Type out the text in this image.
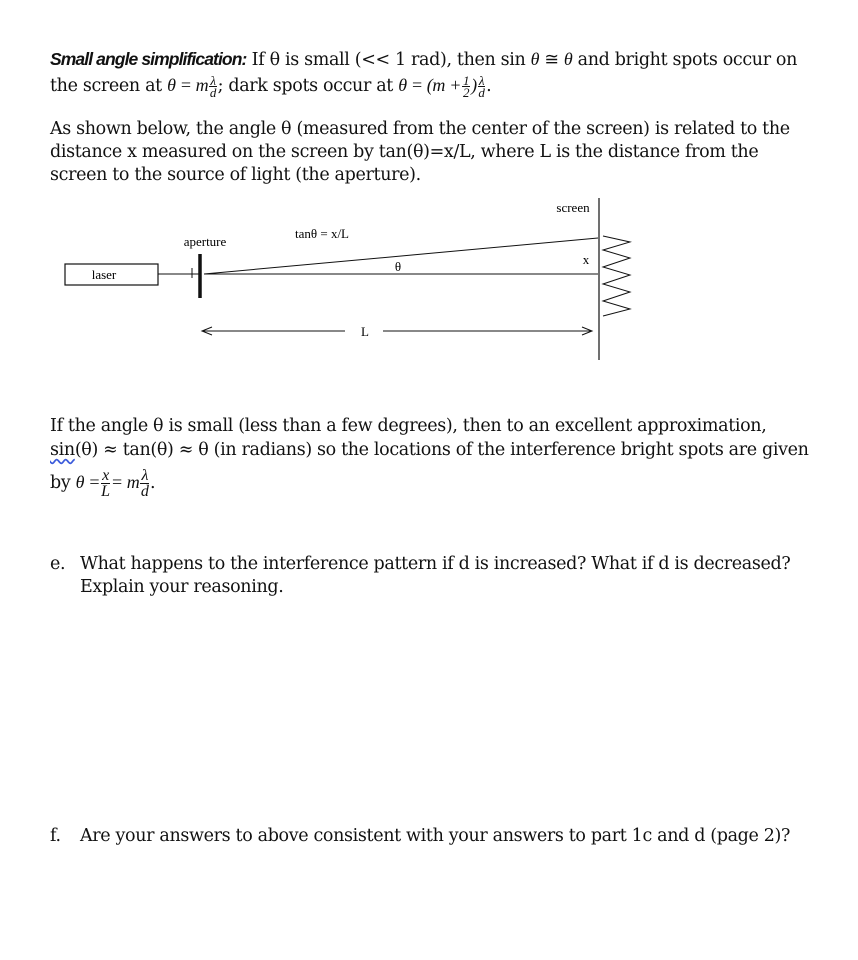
Small angle simplification: If θ is small (<< 1 rad), then sin θ ≅ θ and bright spots occur on
the screen at θ = m $\frac{\lambda}{d}$ ; dark spots occur at $\theta = (m + \frac{1}{2}$ ) $\frac{\lambda}{d}$ .
As shown below, the angle θ (measured from the center of the screen) is related to the distance x measured on the screen by tan(θ)=x/L, where L is the distance from the screen to the source of light (the aperture).
laser
aperture
tanθ = x/L
θ	x
screen
L
If the angle θ is small (less than a few degrees), then to an excellent approximation,
sin(θ) ≈ tan(θ) ≈ θ (in radians) so the locations of the interference bright spots are given
by $\theta = \frac{x}{L} = m \frac{\lambda}{d}$ .
e. What happens to the interference pattern if d is increased? What if d is decreased? Explain your reasoning.
f. Are your answers to above consistent with your answers to part 1c and d (page 2)?
